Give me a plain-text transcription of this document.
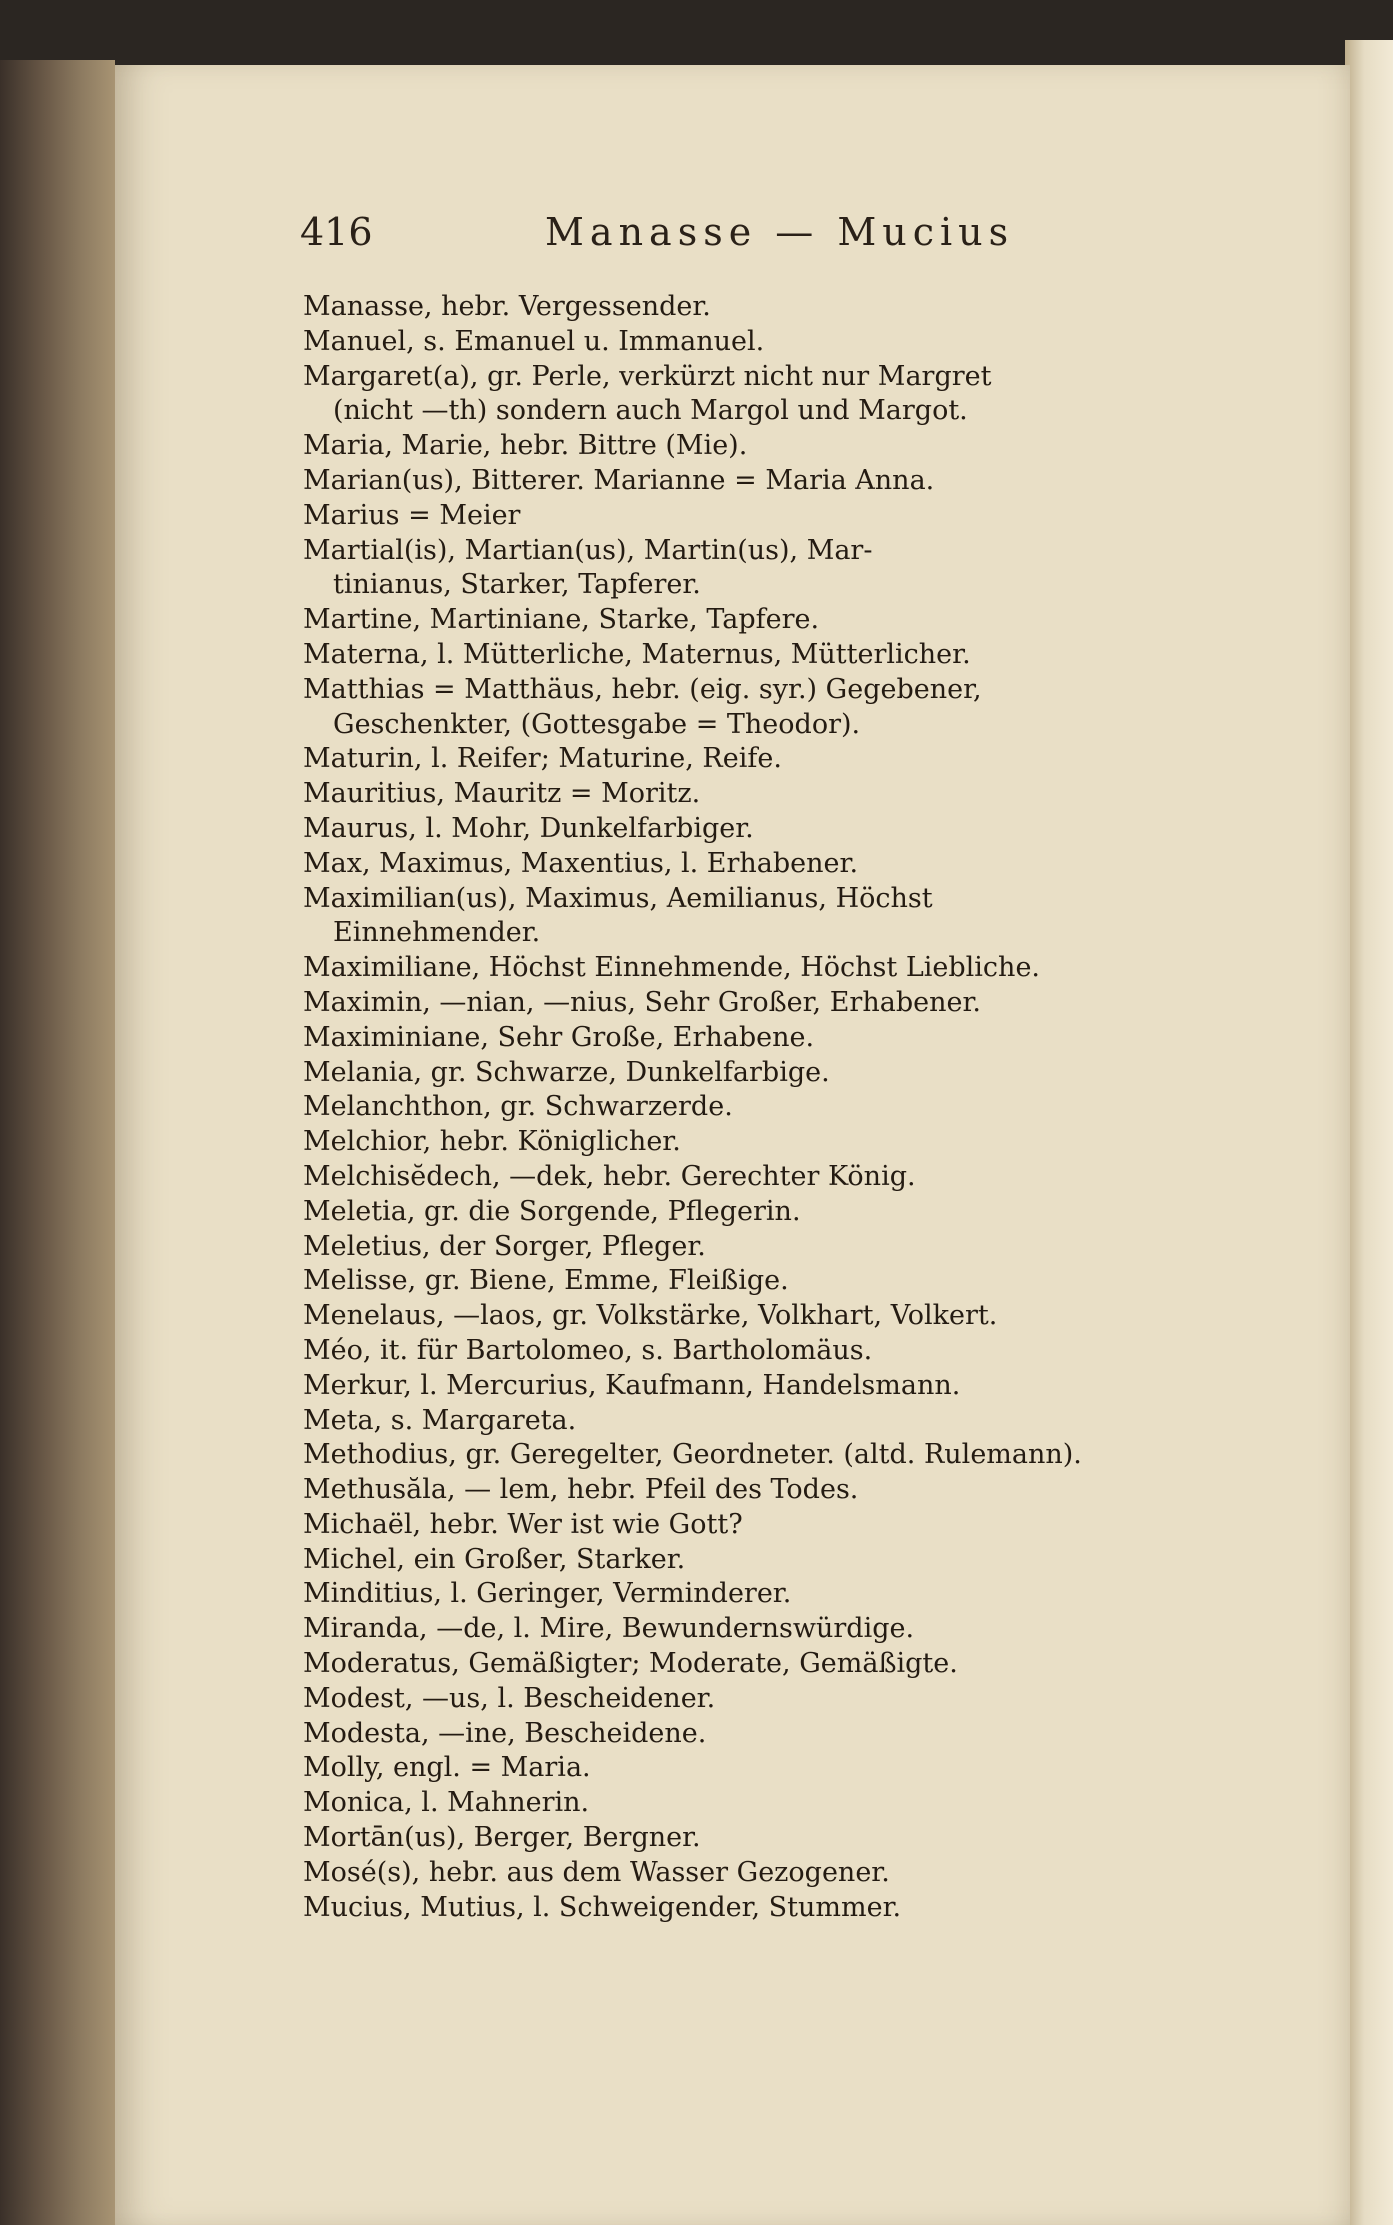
416	Manasse — Mucius
Manasse, hebr. Vergessender.
Manuel, s. Emanuel u. Immanuel.
Margaret(a), gr. Perle, verkürzt nicht nur Margret
(nicht —th) sondern auch Margol und Margot.
Maria, Marie, hebr. Bittre (Mie).
Marian(us), Bitterer. Marianne = Maria Anna.
Marius = Meier
Martial(is), Martian(us), Martin(us), Mar-
tinianus, Starker, Tapferer.
Martine, Martiniane, Starke, Tapfere.
Materna, l. Mütterliche, Maternus, Mütterlicher.
Matthias = Matthäus, hebr. (eig. syr.) Gegebener,
Geschenkter, (Gottesgabe = Theodor).
Maturin, l. Reifer; Maturine, Reife.
Mauritius, Mauritz = Moritz.
Maurus, l. Mohr, Dunkelfarbiger.
Max, Maximus, Maxentius, l. Erhabener.
Maximilian(us), Maximus, Aemilianus, Höchst
Einnehmender.
Maximiliane, Höchst Einnehmende, Höchst Liebliche.
Maximin, —nian, —nius, Sehr Großer, Erhabener.
Maximiniane, Sehr Große, Erhabene.
Melania, gr. Schwarze, Dunkelfarbige.
Melanchthon, gr. Schwarzerde.
Melchior, hebr. Königlicher.
Melchisĕdech, —dek, hebr. Gerechter König.
Meletia, gr. die Sorgende, Pflegerin.
Meletius, der Sorger, Pfleger.
Melisse, gr. Biene, Emme, Fleißige.
Menelaus, —laos, gr. Volkstärke, Volkhart, Volkert.
Méo, it. für Bartolomeo, s. Bartholomäus.
Merkur, l. Mercurius, Kaufmann, Handelsmann.
Meta, s. Margareta.
Methodius, gr. Geregelter, Geordneter. (altd. Rulemann).
Methusăla, — lem, hebr. Pfeil des Todes.
Michaël, hebr. Wer ist wie Gott?
Michel, ein Großer, Starker.
Minditius, l. Geringer, Verminderer.
Miranda, —de, l. Mire, Bewundernswürdige.
Moderatus, Gemäßigter; Moderate, Gemäßigte.
Modest, —us, l. Bescheidener.
Modesta, —ine, Bescheidene.
Molly, engl. = Maria.
Monica, l. Mahnerin.
Mortān(us), Berger, Bergner.
Mosé(s), hebr. aus dem Wasser Gezogener.
Mucius, Mutius, l. Schweigender, Stummer.
